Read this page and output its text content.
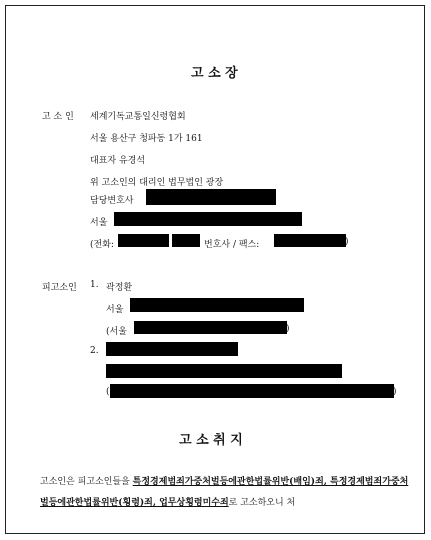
고 소 장
고 소 인 세계기독교통일신령협회
서울 용산구 청파동 1가 161
대표자 유경석
위 고소인의 대리인 법무법인 광장
담당변호사
서울
(전화:	번호사 / 팩스:	)
피고소인 1. 곽정환
서울
(서울	)
2.
(	)
고 소 취 지
고소인은 피고소인들을 특정경제범죄가중처벌등에관한법률위반(배임)죄, 특정경제범죄가중처벌등에관한법률위반(횡령)죄, 업무상횡령미수죄로 고소하오니 처
